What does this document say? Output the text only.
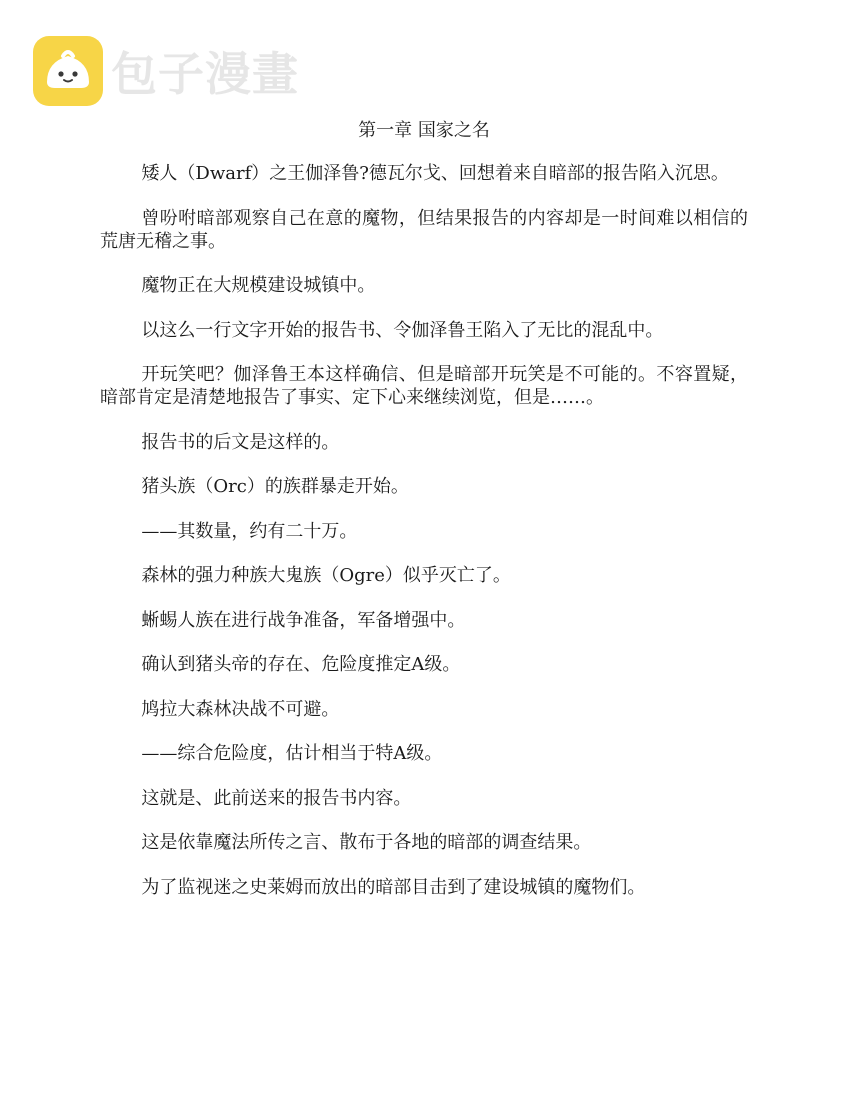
包子漫畫
第一章 国家之名

矮人（Dwarf）之王伽泽鲁?德瓦尔戈、回想着来自暗部的报告陷入沉思。

曾吩咐暗部观察自己在意的魔物，但结果报告的内容却是一时间难以相信的荒唐无稽之事。

魔物正在大规模建设城镇中。

以这么一行文字开始的报告书、令伽泽鲁王陷入了无比的混乱中。

开玩笑吧？伽泽鲁王本这样确信、但是暗部开玩笑是不可能的。不容置疑，暗部肯定是清楚地报告了事实、定下心来继续浏览，但是……。

报告书的后文是这样的。

猪头族（Orc）的族群暴走开始。

——其数量，约有二十万。

森林的强力种族大鬼族（Ogre）似乎灭亡了。

蜥蜴人族在进行战争准备，军备增强中。

确认到猪头帝的存在、危险度推定A级。

鸠拉大森林决战不可避。

——综合危险度，估计相当于特A级。

这就是、此前送来的报告书内容。

这是依靠魔法所传之言、散布于各地的暗部的调查结果。

为了监视迷之史莱姆而放出的暗部目击到了建设城镇的魔物们。
